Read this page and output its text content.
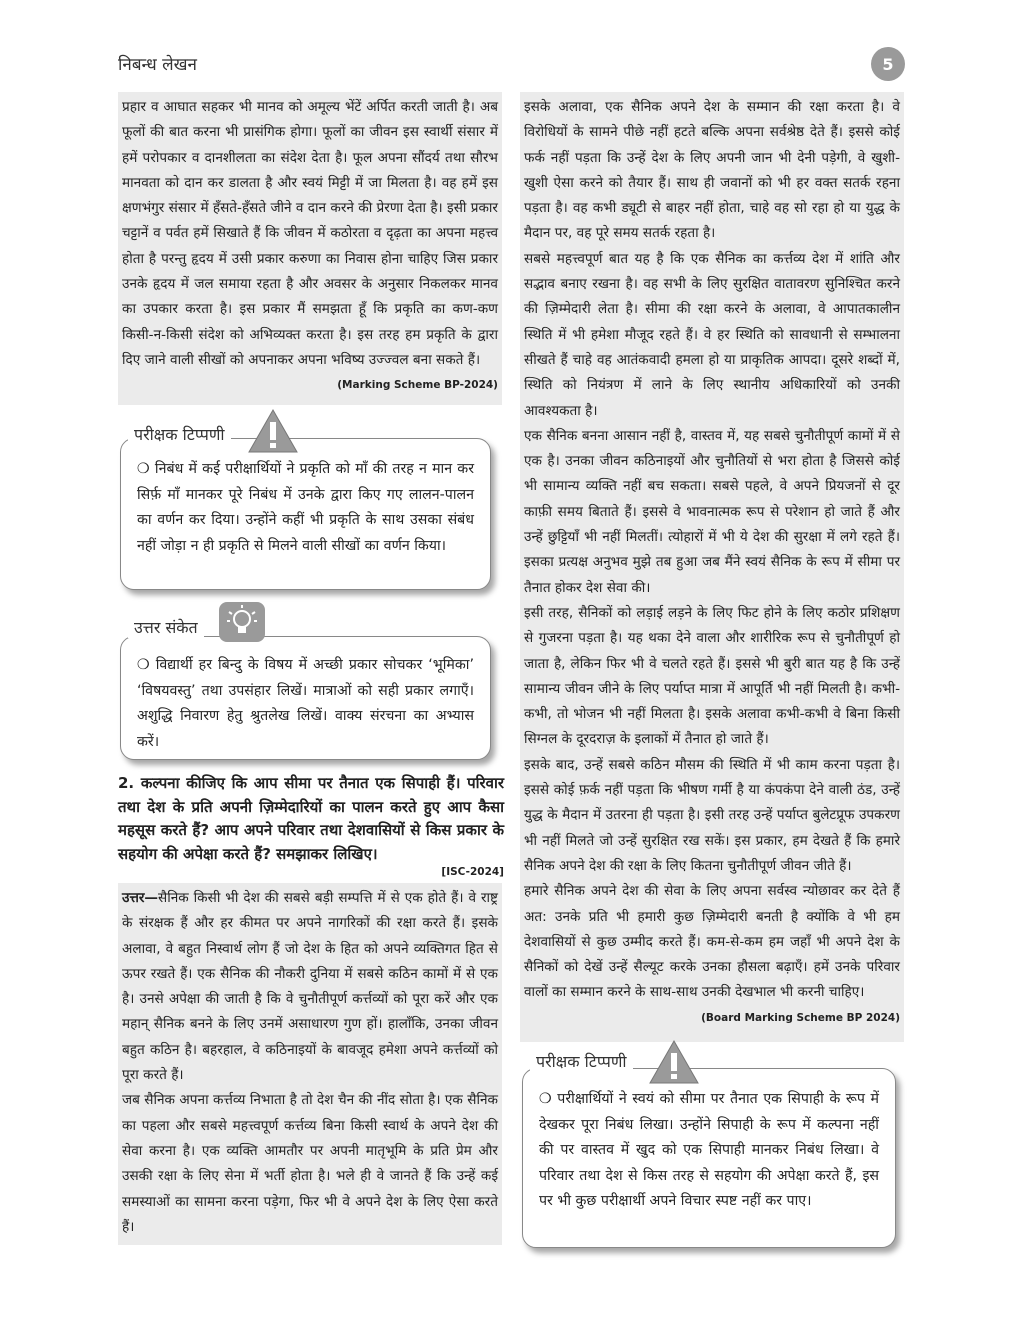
निबन्ध लेखन	5
प्रहार व आघात सहकर भी मानव को अमूल्य भेंटें अर्पित करती जाती है। अब फूलों की बात करना भी प्रासंगिक होगा। फूलों का जीवन इस स्वार्थी संसार में हमें परोपकार व दानशीलता का संदेश देता है। फूल अपना सौंदर्य तथा सौरभ मानवता को दान कर डालता है और स्वयं मिट्टी में जा मिलता है। वह हमें इस क्षणभंगुर संसार में हँसते-हँसते जीने व दान करने की प्रेरणा देता है। इसी प्रकार चट्टानें व पर्वत हमें सिखाते हैं कि जीवन में कठोरता व दृढ़ता का अपना महत्त्व होता है परन्तु हृदय में उसी प्रकार करुणा का निवास होना चाहिए जिस प्रकार उनके हृदय में जल समाया रहता है और अवसर के अनुसार निकलकर मानव का उपकार करता है। इस प्रकार मैं समझता हूँ कि प्रकृति का कण-कण किसी-न-किसी संदेश को अभिव्यक्त करता है। इस तरह हम प्रकृति के द्वारा दिए जाने वाली सीखों को अपनाकर अपना भविष्य उज्ज्वल बना सकते हैं।
(Marking Scheme BP-2024)
❍ निबंध में कई परीक्षार्थियों ने प्रकृति को माँ की तरह न मान कर सिर्फ़ माँ मानकर पूरे निबंध में उनके द्वारा किए गए लालन-पालन का वर्णन कर दिया। उन्होंने कहीं भी प्रकृति के साथ उसका संबंध नहीं जोड़ा न ही प्रकृति से मिलने वाली सीखों का वर्णन किया।
परीक्षक टिप्पणी
❍ विद्यार्थी हर बिन्दु के विषय में अच्छी प्रकार सोचकर ‘भूमिका’ ‘विषयवस्तु’ तथा उपसंहार लिखें। मात्राओं को सही प्रकार लगाएँ। अशुद्धि निवारण हेतु श्रुतलेख लिखें। वाक्य संरचना का अभ्यास करें।
उत्तर संकेत

2. कल्पना कीजिए कि आप सीमा पर तैनात एक सिपाही हैं। परिवार तथा देश के प्रति अपनी ज़िम्मेदारियों का पालन करते हुए आप कैसा महसूस करते हैं? आप अपने परिवार तथा देशवासियों से किस प्रकार के सहयोग की अपेक्षा करते हैं? समझाकर लिखिए।

[ISC-2024]

उत्तर—सैनिक किसी भी देश की सबसे बड़ी सम्पत्ति में से एक होते हैं। वे राष्ट्र के संरक्षक हैं और हर कीमत पर अपने नागरिकों की रक्षा करते हैं। इसके अलावा, वे बहुत निस्वार्थ लोग हैं जो देश के हित को अपने व्यक्तिगत हित से ऊपर रखते हैं। एक सैनिक की नौकरी दुनिया में सबसे कठिन कामों में से एक है। उनसे अपेक्षा की जाती है कि वे चुनौतीपूर्ण कर्त्तव्यों को पूरा करें और एक महान् सैनिक बनने के लिए उनमें असाधारण गुण हों। हालाँकि, उनका जीवन बहुत कठिन है। बहरहाल, वे कठिनाइयों के बावजूद हमेशा अपने कर्त्तव्यों को पूरा करते हैं।
जब सैनिक अपना कर्त्तव्य निभाता है तो देश चैन की नींद सोता है। एक सैनिक का पहला और सबसे महत्त्वपूर्ण कर्त्तव्य बिना किसी स्वार्थ के अपने देश की सेवा करना है। एक व्यक्ति आमतौर पर अपनी मातृभूमि के प्रति प्रेम और उसकी रक्षा के लिए सेना में भर्ती होता है। भले ही वे जानते हैं कि उन्हें कई समस्याओं का सामना करना पड़ेगा, फिर भी वे अपने देश के लिए ऐसा करते हैं।
इसके अलावा, एक सैनिक अपने देश के सम्मान की रक्षा करता है। वे विरोधियों के सामने पीछे नहीं हटते बल्कि अपना सर्वश्रेष्ठ देते हैं। इससे कोई फर्क नहीं पड़ता कि उन्हें देश के लिए अपनी जान भी देनी पड़ेगी, वे खुशी-खुशी ऐसा करने को तैयार हैं। साथ ही जवानों को भी हर वक्त सतर्क रहना पड़ता है। वह कभी ड्यूटी से बाहर नहीं होता, चाहे वह सो रहा हो या युद्ध के मैदान पर, वह पूरे समय सतर्क रहता है।
सबसे महत्त्वपूर्ण बात यह है कि एक सैनिक का कर्त्तव्य देश में शांति और सद्भाव बनाए रखना है। वह सभी के लिए सुरक्षित वातावरण सुनिश्चित करने की ज़िम्मेदारी लेता है। सीमा की रक्षा करने के अलावा, वे आपातकालीन स्थिति में भी हमेशा मौजूद रहते हैं। वे हर स्थिति को सावधानी से सम्भालना सीखते हैं चाहे वह आतंकवादी हमला हो या प्राकृतिक आपदा। दूसरे शब्दों में, स्थिति को नियंत्रण में लाने के लिए स्थानीय अधिकारियों को उनकी आवश्यकता है।
एक सैनिक बनना आसान नहीं है, वास्तव में, यह सबसे चुनौतीपूर्ण कामों में से एक है। उनका जीवन कठिनाइयों और चुनौतियों से भरा होता है जिससे कोई भी सामान्य व्यक्ति नहीं बच सकता। सबसे पहले, वे अपने प्रियजनों से दूर काफ़ी समय बिताते हैं। इससे वे भावनात्मक रूप से परेशान हो जाते हैं और उन्हें छुट्टियाँ भी नहीं मिलतीं। त्योहारों में भी ये देश की सुरक्षा में लगे रहते हैं। इसका प्रत्यक्ष अनुभव मुझे तब हुआ जब मैंने स्वयं सैनिक के रूप में सीमा पर तैनात होकर देश सेवा की।
इसी तरह, सैनिकों को लड़ाई लड़ने के लिए फिट होने के लिए कठोर प्रशिक्षण से गुजरना पड़ता है। यह थका देने वाला और शारीरिक रूप से चुनौतीपूर्ण हो जाता है, लेकिन फिर भी वे चलते रहते हैं। इससे भी बुरी बात यह है कि उन्हें सामान्य जीवन जीने के लिए पर्याप्त मात्रा में आपूर्ति भी नहीं मिलती है। कभी-कभी, तो भोजन भी नहीं मिलता है। इसके अलावा कभी-कभी वे बिना किसी सिग्नल के दूरदराज़ के इलाकों में तैनात हो जाते हैं।
इसके बाद, उन्हें सबसे कठिन मौसम की स्थिति में भी काम करना पड़ता है। इससे कोई फ़र्क नहीं पड़ता कि भीषण गर्मी है या कंपकंपा देने वाली ठंड, उन्हें युद्ध के मैदान में उतरना ही पड़ता है। इसी तरह उन्हें पर्याप्त बुलेटप्रूफ उपकरण भी नहीं मिलते जो उन्हें सुरक्षित रख सकें। इस प्रकार, हम देखते हैं कि हमारे सैनिक अपने देश की रक्षा के लिए कितना चुनौतीपूर्ण जीवन जीते हैं।
हमारे सैनिक अपने देश की सेवा के लिए अपना सर्वस्व न्योछावर कर देते हैं अत: उनके प्रति भी हमारी कुछ ज़िम्मेदारी बनती है क्योंकि वे भी हम देशवासियों से कुछ उम्मीद करते हैं। कम-से-कम हम जहाँ भी अपने देश के सैनिकों को देखें उन्हें सैल्यूट करके उनका हौसला बढ़ाएँ। हमें उनके परिवार वालों का सम्मान करने के साथ-साथ उनकी देखभाल भी करनी चाहिए।
(Board Marking Scheme BP 2024)
❍ परीक्षार्थियों ने स्वयं को सीमा पर तैनात एक सिपाही के रूप में देखकर पूरा निबंध लिखा। उन्होंने सिपाही के रूप में कल्पना नहीं की पर वास्तव में खुद को एक सिपाही मानकर निबंध लिखा। वे परिवार तथा देश से किस तरह से सहयोग की अपेक्षा करते हैं, इस पर भी कुछ परीक्षार्थी अपने विचार स्पष्ट नहीं कर पाए।
परीक्षक टिप्पणी
